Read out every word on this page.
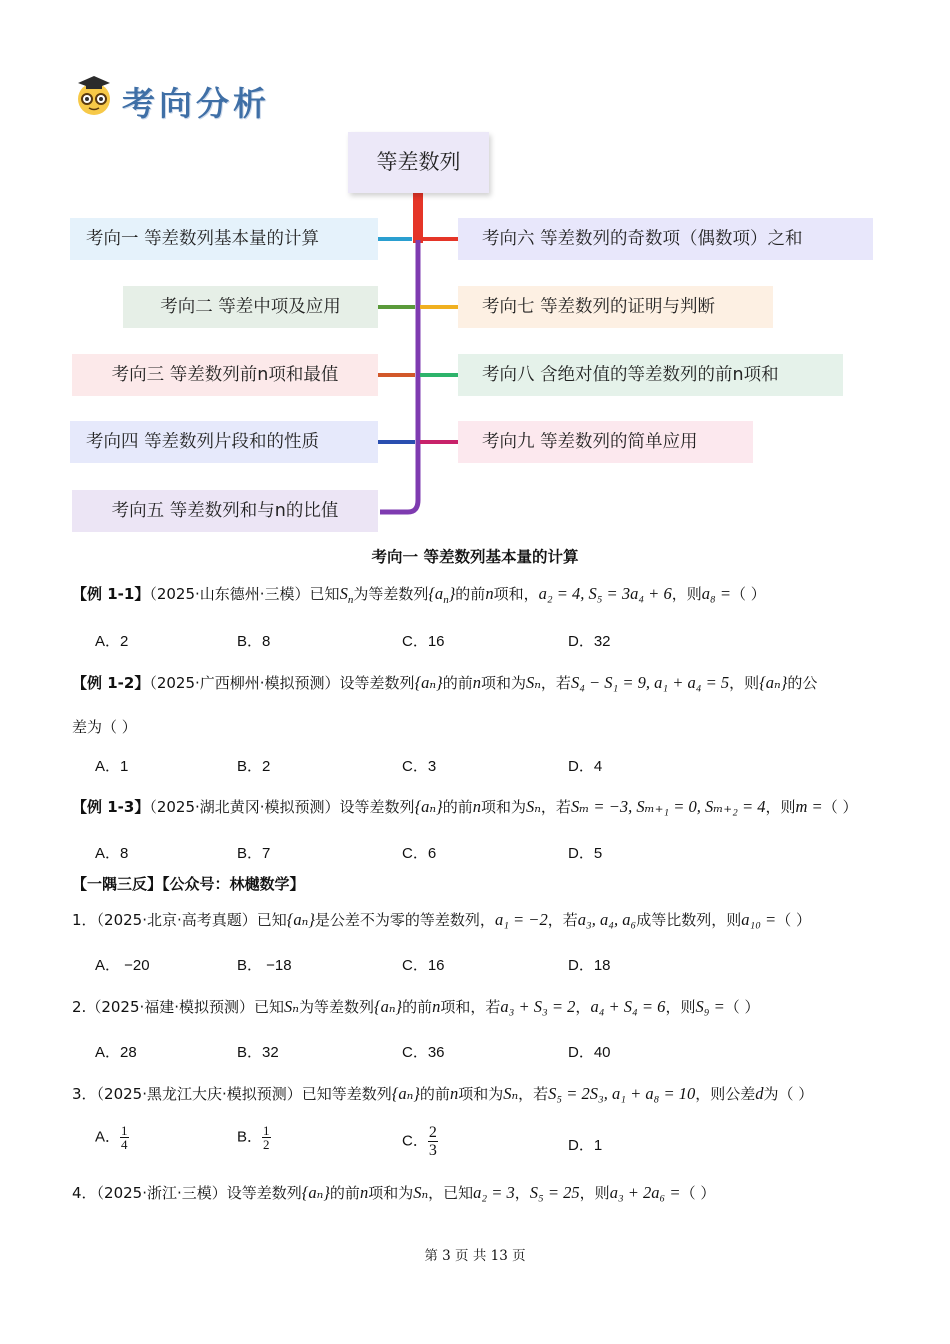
考向分析
等差数列
考向一 等差数列基本量的计算
考向二 等差中项及应用
考向三 等差数列前n项和最值
考向四 等差数列片段和的性质
考向五 等差数列和与n的比值
考向六 等差数列的奇数项（偶数项）之和
考向七 等差数列的证明与判断
考向八 含绝对值的等差数列的前n项和
考向九 等差数列的简单应用
考向一 等差数列基本量的计算
【例 1-1】（2025·山东德州·三模）已知$S_n$为等差数列$\{a_n\}$的前n项和，a₂ = 4, S₅ = 3a₄ + 6，则a₈ =（ ）
A．2	B．8	C．16	D．32
【例 1-2】（2025·广西柳州·模拟预测）设等差数列{aₙ}的前n项和为Sₙ，若S₄ − S₁ = 9, a₁ + a₄ = 5，则{aₙ}的公
差为（ ）
A．1	B．2	C．3	D．4
【例 1-3】（2025·湖北黄冈·模拟预测）设等差数列{aₙ}的前n项和为Sₙ，若Sₘ = −3, Sₘ₊₁ = 0, Sₘ₊₂ = 4，则m =（ ）
A．8	B．7	C．6	D．5
【一隅三反】【公众号：林樾数学】
1．（2025·北京·高考真题）已知{aₙ}是公差不为零的等差数列，a₁ = −2，若a₃, a₄, a₆成等比数列，则a₁₀ =（ ）
A． −20	B． −18	C．16	D．18
2.（2025·福建·模拟预测）已知Sₙ为等差数列{aₙ}的前n项和，若a₃ + S₃ = 2，a₄ + S₄ = 6，则S₉ =（ ）
A．28	B．32	C．36	D．40
3．（2025·黑龙江大庆·模拟预测）已知等差数列{aₙ}的前n项和为Sₙ，若S₅ = 2S₃, a₁ + a₈ = 10，则公差d为（ ）
A． $\frac{1}{4}$	B． $\frac{1}{2}$	C． $\frac{2}{3}$	D．1
4．（2025·浙江·三模）设等差数列{aₙ}的前n项和为Sₙ，已知a₂ = 3，S₅ = 25，则a₃ + 2a₆ =（ ）
第 3 页 共 13 页
